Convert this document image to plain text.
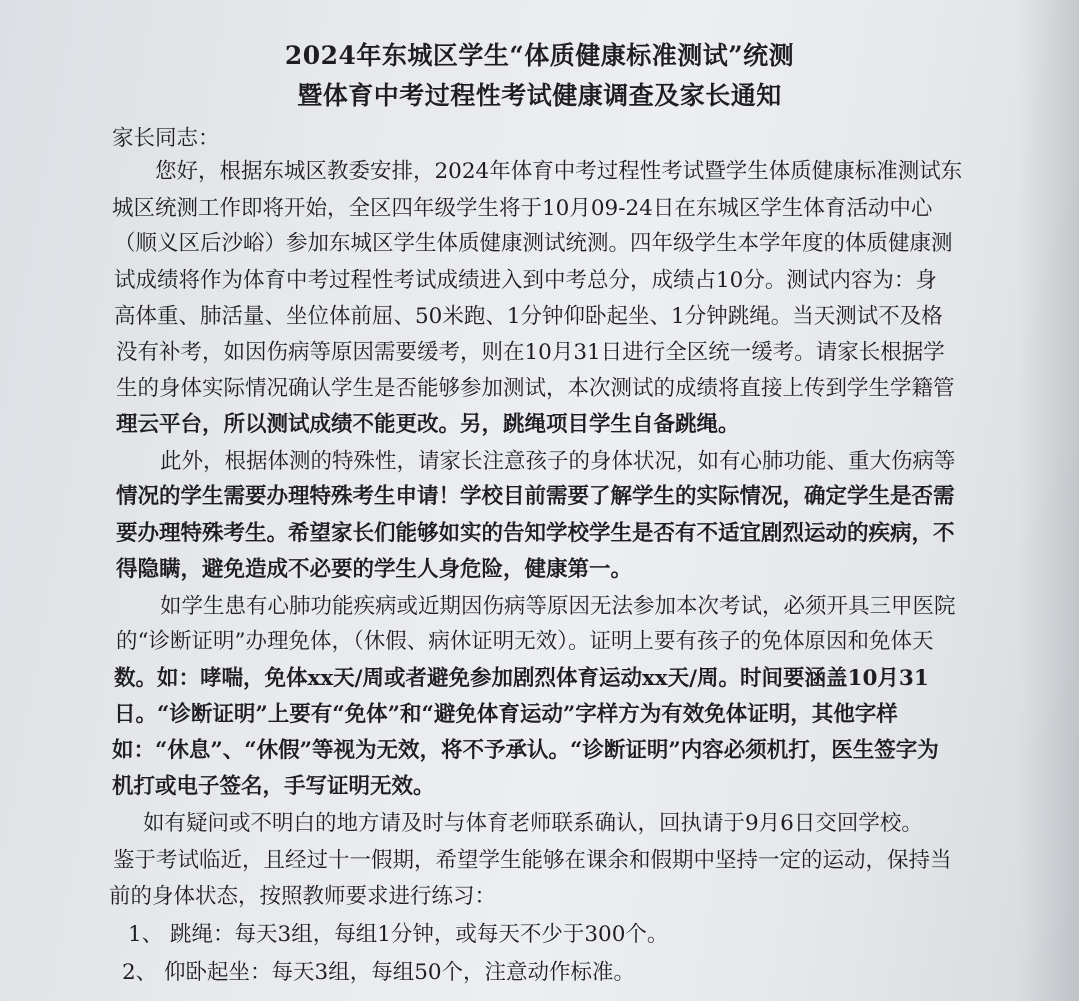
2024年东城区学生“体质健康标准测试”统测
暨体育中考过程性考试健康调查及家长通知

家长同志：

您好，根据东城区教委安排，2024年体育中考过程性考试暨学生体质健康标准测试东

城区统测工作即将开始，全区四年级学生将于10月09-24日在东城区学生体育活动中心

（顺义区后沙峪）参加东城区学生体质健康测试统测。四年级学生本学年度的体质健康测

试成绩将作为体育中考过程性考试成绩进入到中考总分，成绩占10分。测试内容为：身

高体重、肺活量、坐位体前屈、50米跑、1分钟仰卧起坐、1分钟跳绳。当天测试不及格

没有补考，如因伤病等原因需要缓考，则在10月31日进行全区统一缓考。请家长根据学

生的身体实际情况确认学生是否能够参加测试，本次测试的成绩将直接上传到学生学籍管

理云平台，所以测试成绩不能更改。另，跳绳项目学生自备跳绳。

此外，根据体测的特殊性，请家长注意孩子的身体状况，如有心肺功能、重大伤病等

情况的学生需要办理特殊考生申请！学校目前需要了解学生的实际情况，确定学生是否需

要办理特殊考生。希望家长们能够如实的告知学校学生是否有不适宜剧烈运动的疾病，不

得隐瞒，避免造成不必要的学生人身危险，健康第一。

如学生患有心肺功能疾病或近期因伤病等原因无法参加本次考试，必须开具三甲医院

的“诊断证明”办理免体，（休假、病休证明无效）。证明上要有孩子的免体原因和免体天

数。如：哮喘，免体xx天/周或者避免参加剧烈体育运动xx天/周。时间要涵盖10月31

日。“诊断证明”上要有“免体”和“避免体育运动”字样方为有效免体证明，其他字样

如：“休息”、“休假”等视为无效，将不予承认。“诊断证明”内容必须机打，医生签字为

机打或电子签名，手写证明无效。

如有疑问或不明白的地方请及时与体育老师联系确认，回执请于9月6日交回学校。

鉴于考试临近，且经过十一假期，希望学生能够在课余和假期中坚持一定的运动，保持当

前的身体状态，按照教师要求进行练习：

1、 跳绳：每天3组，每组1分钟，或每天不少于300个。

2、 仰卧起坐：每天3组，每组50个，注意动作标准。
